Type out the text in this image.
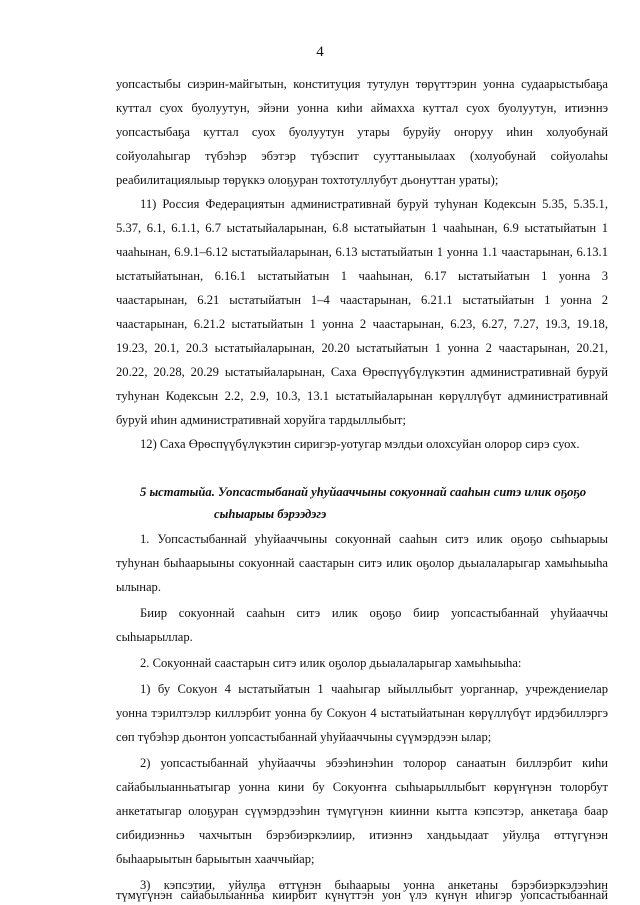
4
уопсастыбы сиэрин-майгытын, конституция тутулун төрүттэрин уонна судаарыстыбаҕа
куттал суох буолуутун, эйэни уонна киһи аймахха куттал суох буолуутун, итиэннэ
уопсастыбаҕа куттал суох буолуутун утары буруйу оҥоруу иһин холуобунай
сойуолаһыгар түбэһэр эбэтэр түбэспит сууттаныылаах (холуобунай сойуолаһы
реабилитациялыыр төрүккэ олоҕуран тохтотуллубут дьонуттан ураты);
11) Россия Федерациятын административнай буруй туһунан Кодексын 5.35, 5.35.1,
5.37, 6.1, 6.1.1, 6.7 ыстатыйаларынан, 6.8 ыстатыйатын 1 чааһынан, 6.9 ыстатыйатын 1
чааһынан, 6.9.1–6.12 ыстатыйаларынан, 6.13 ыстатыйатын 1 уонна 1.1 чаастарынан, 6.13.1
ыстатыйатынан, 6.16.1 ыстатыйатын 1 чааһынан, 6.17 ыстатыйатын 1 уонна 3
чаастарынан, 6.21 ыстатыйатын 1–4 чаастарынан, 6.21.1 ыстатыйатын 1 уонна 2
чаастарынан, 6.21.2 ыстатыйатын 1 уонна 2 чаастарынан, 6.23, 6.27, 7.27, 19.3, 19.18,
19.23, 20.1, 20.3 ыстатыйаларынан, 20.20 ыстатыйатын 1 уонна 2 чаастарынан, 20.21,
20.22, 20.28, 20.29 ыстатыйаларынан, Саха Өрөспүүбүлүкэтин административнай буруй
туһунан Кодексын 2.2, 2.9, 10.3, 13.1 ыстатыйаларынан көрүллүбүт административнай
буруй иһин административнай хоруйга тардыллыбыт;
12) Саха Өрөспүүбүлүкэтин сиригэр-уотугар мэлдьи олохсуйан олорор сирэ суох.
5 ыстатыйа. Уопсастыбанай уһуйааччыны сокуоннай сааһын ситэ илик оҕоҕо
сыһыарыы бэрээдэгэ
1. Уопсастыбаннай уһуйааччыны сокуоннай сааһын ситэ илик оҕоҕо сыһыарыы
туһунан быһаарыыны сокуоннай саастарын ситэ илик оҕолор дьыалаларыгар хамыһыыһа
ылынар.
Биир сокуоннай сааһын ситэ илик оҕоҕо биир уопсастыбаннай уһуйааччы
сыһыарыллар.
2. Сокуоннай саастарын ситэ илик оҕолор дьыалаларыгар хамыһыыһа:
1) бу Сокуон 4 ыстатыйатын 1 чааһыгар ыйыллыбыт уорганнар, учреждениелар
уонна тэрилтэлэр киллэрбит уонна бу Сокуон 4 ыстатыйатынан көрүллүбүт ирдэбиллэргэ
сөп түбэһэр дьонтон уопсастыбаннай уһуйааччыны сүүмэрдээн ылар;
2) уопсастыбаннай уһуйааччы эбээһинэһин толорор санаатын биллэрбит киһи
сайабылыанньатыгар уонна кини бу Сокуоҥҥа сыһыарыллыбыт көрүҥүнэн толорбут
анкетатыгар олоҕуран сүүмэрдээһин түмүгүнэн киинни кытта кэпсэтэр, анкетаҕа баар
сибидиэнньэ чахчытын бэрэбиэркэлиир, итиэннэ хандьыдаат уйулҕа өттүгүнэн
быһаарыытын барыытын хааччыйар;
3) кэпсэтии, уйулҕа өттүнэн быһаарыы уонна анкетаны бэрэбиэркэлээһин
түмүгүнэн сайабылыанньа киирбит күнүттэн уон үлэ күнүн иһигэр уопсастыбаннай
